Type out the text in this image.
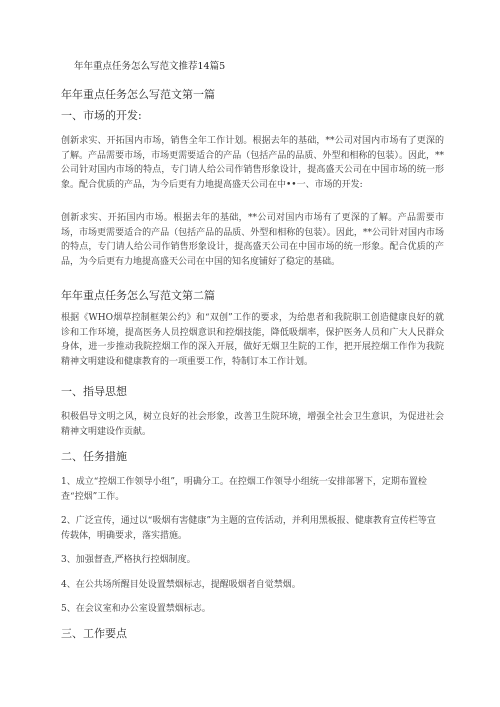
年年重点任务怎么写范文推荐14篇5
年年重点任务怎么写范文第一篇
一、市场的开发:
创新求实、开拓国内市场，销售全年工作计划。根据去年的基础，**公司对国内市场有了更深的了解。产品需要市场，市场更需要适合的产品（包括产品的品质、外型和相称的包装）。因此，**公司针对国内市场的特点，专门请人给公司作销售形象设计，提高盛天公司在中国市场的统一形象。配合优质的产品，为今后更有力地提高盛天公司在中••一、市场的开发:
创新求实、开拓国内市场。根据去年的基础，**公司对国内市场有了更深的了解。产品需要市场，市场更需要适合的产品（包括产品的品质、外型和相称的包装）。因此，**公司针对国内市场的特点，专门请人给公司作销售形象设计，提高盛天公司在中国市场的统一形象。配合优质的产品，为今后更有力地提高盛天公司在中国的知名度铺好了稳定的基础。
年年重点任务怎么写范文第二篇
根据《WHO烟草控制框架公约》和“双创”工作的要求，为给患者和我院职工创造健康良好的就诊和工作环境，提高医务人员控烟意识和控烟技能，降低吸烟率，保护医务人员和广大人民群众身体，进一步推动我院控烟工作的深入开展，做好无烟卫生院的工作，把开展控烟工作作为我院精神文明建设和健康教育的一项重要工作，特制订本工作计划。
一、指导思想
积极倡导文明之风，树立良好的社会形象，改善卫生院环境，增强全社会卫生意识，为促进社会精神文明建设作贡献。
二、任务措施
1、成立“控烟工作领导小组”，明确分工。在控烟工作领导小组统一安排部署下，定期布置检查“控烟”工作。
2、广泛宣传，通过以“吸烟有害健康”为主题的宣传活动，并利用黑板报、健康教育宣传栏等宣传载体，明确要求，落实措施。
3、加强督查,严格执行控烟制度。
4、在公共场所醒目处设置禁烟标志，提醒吸烟者自觉禁烟。
5、在会议室和办公室设置禁烟标志。
三、工作要点
